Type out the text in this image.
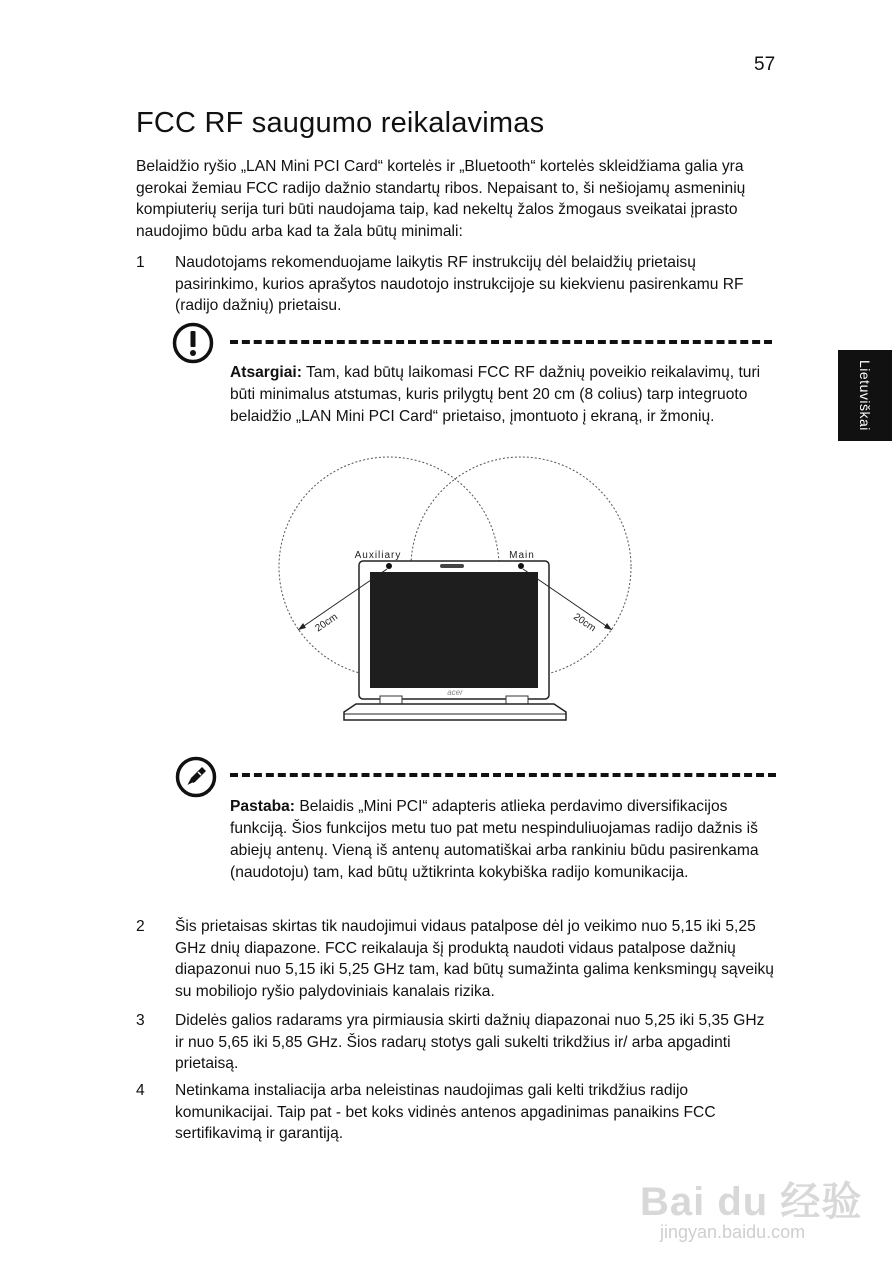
57
Lietuviškai
FCC RF saugumo reikalavimas

Belaidžio ryšio „LAN Mini PCI Card“ kortelės ir „Bluetooth“ kortelės skleidžiama galia yra gerokai žemiau FCC radijo dažnio standartų ribos. Nepaisant to, ši nešiojamų asmeninių kompiuterių serija turi būti naudojama taip, kad nekeltų žalos žmogaus sveikatai įprasto naudojimo būdu arba kad ta žala būtų minimali:

1 Naudotojams rekomenduojame laikytis RF instrukcijų dėl belaidžių prietaisų pasirinkimo, kurios aprašytos naudotojo instrukcijoje su kiekvienu pasirenkamu RF (radijo dažnių) prietaisu.
Atsargiai: Tam, kad būtų laikomasi FCC RF dažnių poveikio reikalavimų, turi būti minimalus atstumas, kuris prilygtų bent 20 cm (8 colius) tarp integruoto belaidžio „LAN Mini PCI Card“ prietaiso, įmontuoto į ekraną, ir žmonių.
acer
Auxiliary	Main
20cm	20cm
Pastaba: Belaidis „Mini PCI“ adapteris atlieka perdavimo diversifikacijos funkciją. Šios funkcijos metu tuo pat metu nespinduliuojamas radijo dažnis iš abiejų antenų. Vieną iš antenų automatiškai arba rankiniu būdu pasirenkama (naudotoju) tam, kad būtų užtikrinta kokybiška radijo komunikacija.
2 Šis prietaisas skirtas tik naudojimui vidaus patalpose dėl jo veikimo nuo 5,15 iki 5,25 GHz dnių diapazone. FCC reikalauja šį produktą naudoti vidaus patalpose dažnių diapazonui nuo 5,15 iki 5,25 GHz tam, kad būtų sumažinta galima kenksmingų sąveikų su mobiliojo ryšio palydoviniais kanalais rizika.
3 Didelės galios radarams yra pirmiausia skirti dažnių diapazonai nuo 5,25 iki 5,35 GHz ir nuo 5,65 iki 5,85 GHz. Šios radarų stotys gali sukelti trikdžius ir/ arba apgadinti prietaisą.
4 Netinkama instaliacija arba neleistinas naudojimas gali kelti trikdžius radijo komunikacijai. Taip pat - bet koks vidinės antenos apgadinimas panaikins FCC sertifikavimą ir garantiją.
Bai du 经验
jingyan.baidu.com
